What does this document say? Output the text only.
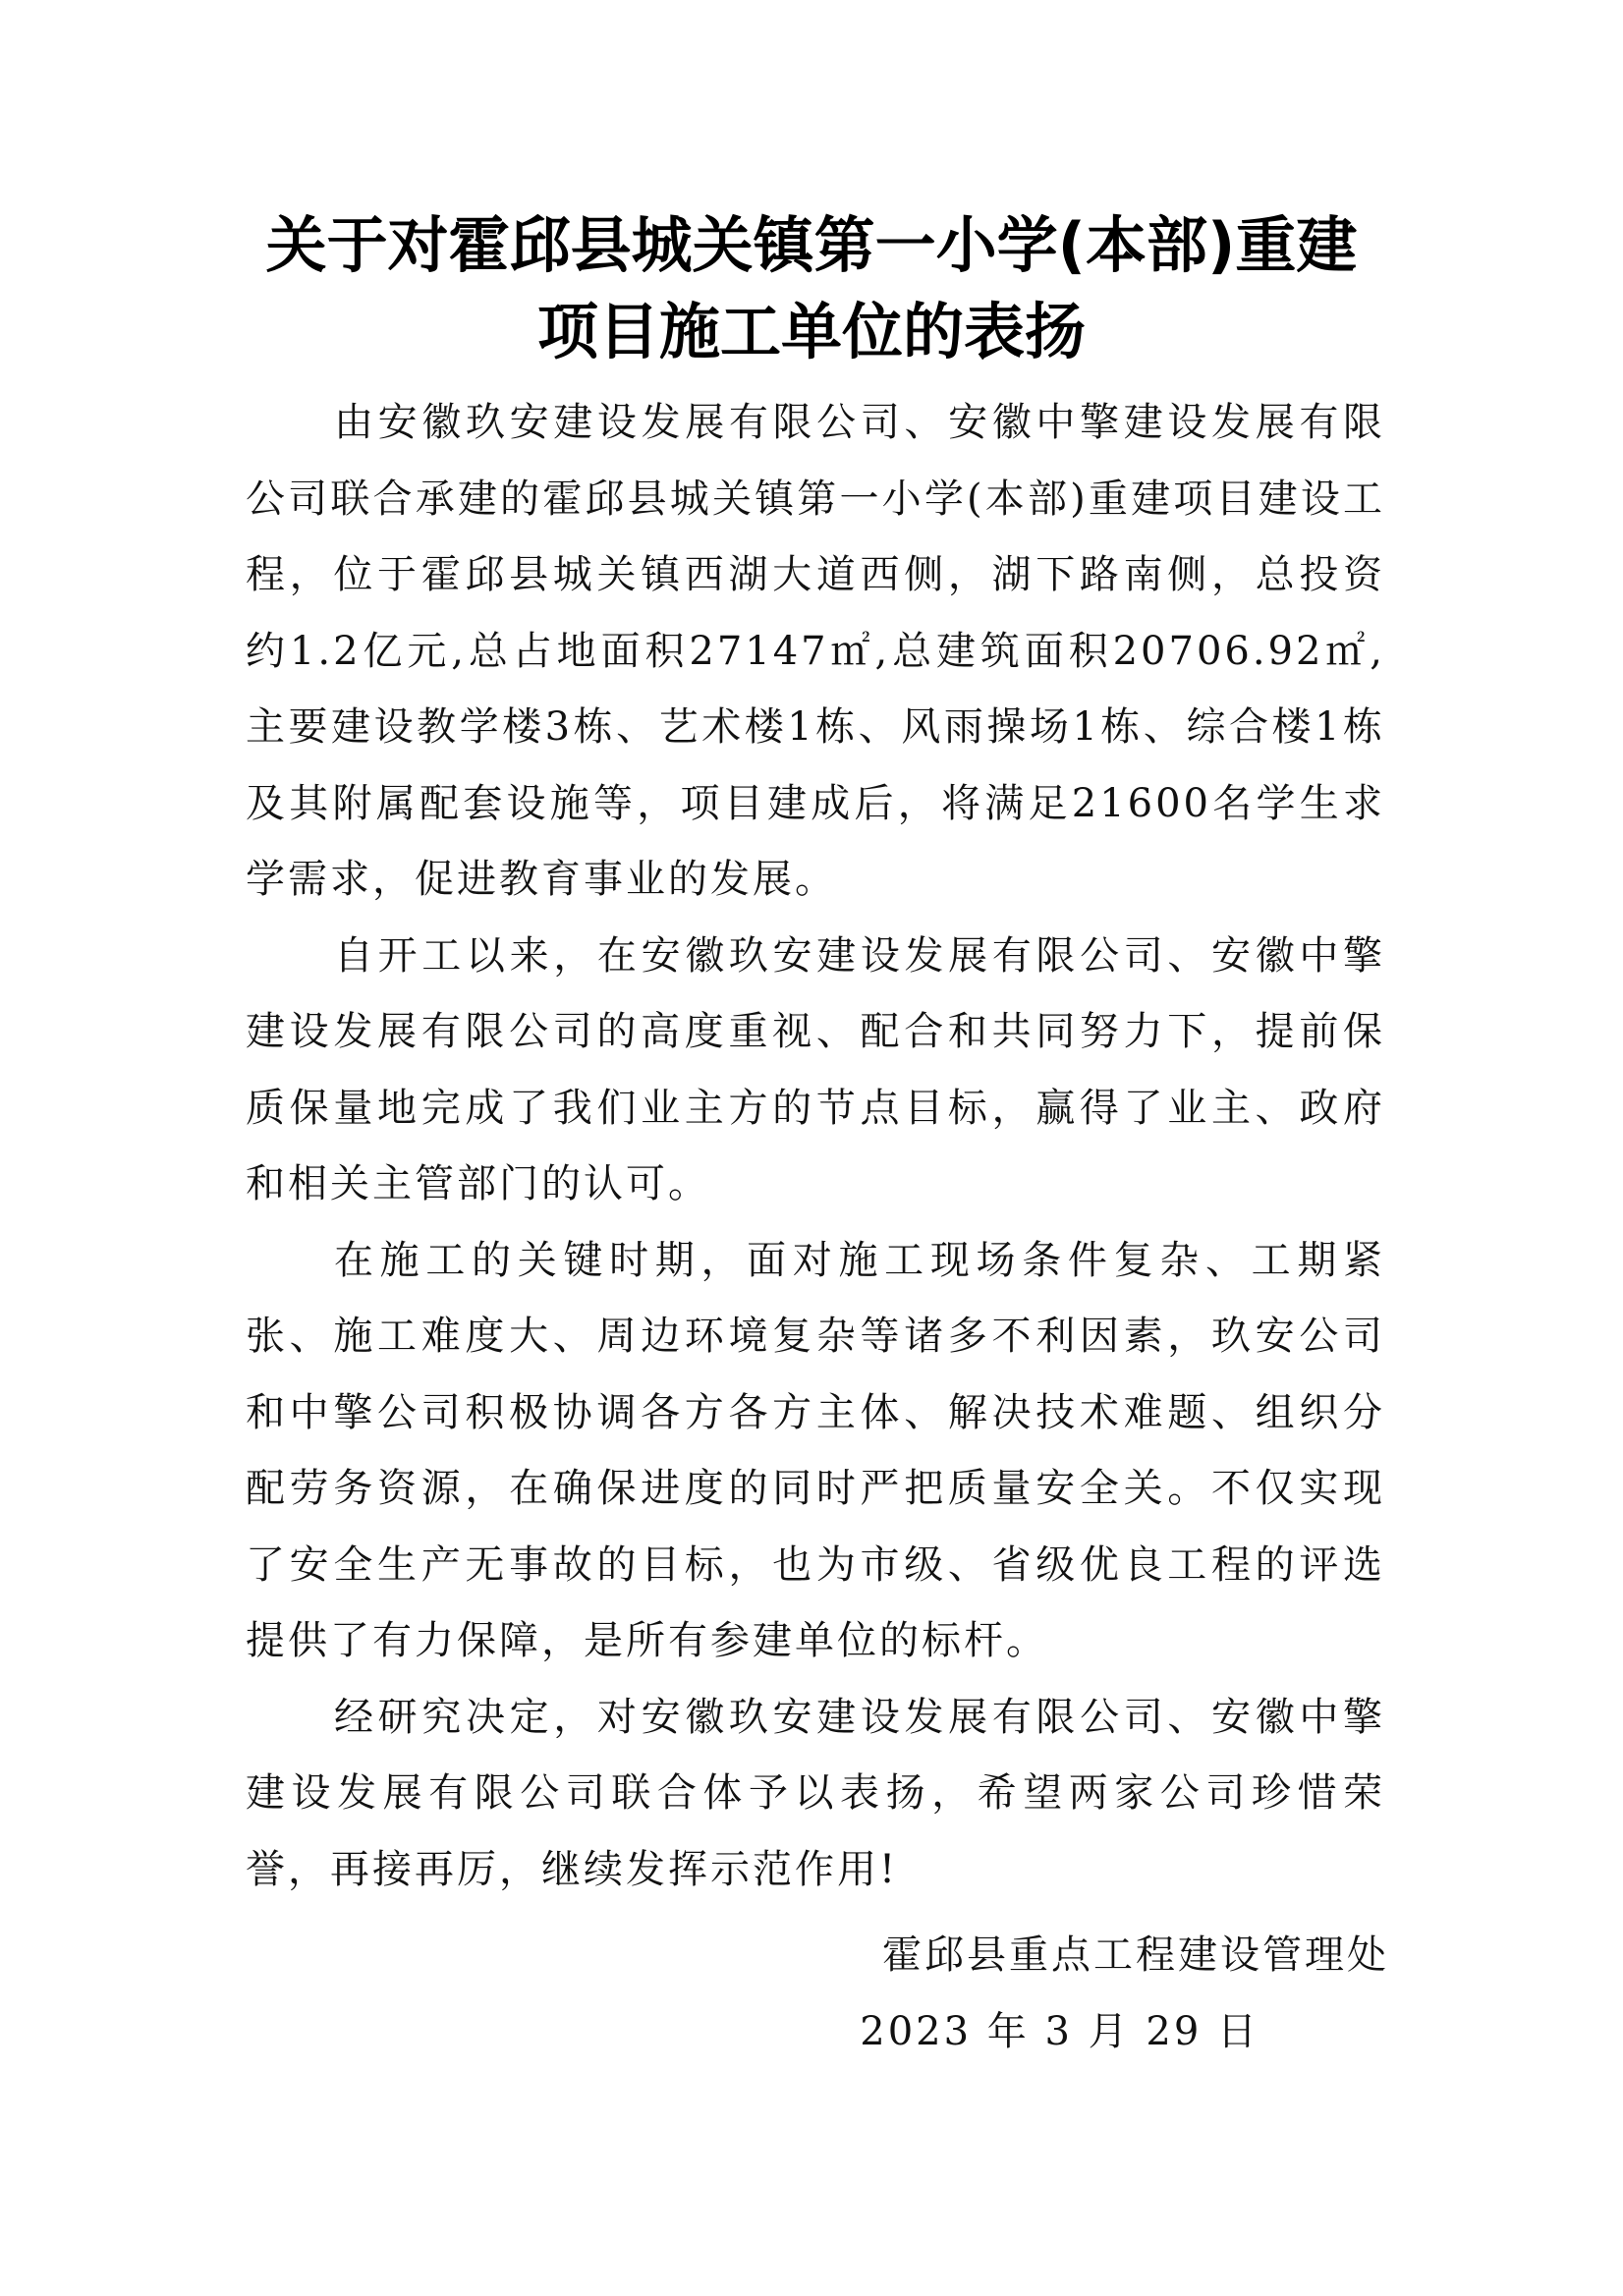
关于对霍邱县城关镇第一小学(本部)重建
项目施工单位的表扬

由安徽玖安建设发展有限公司、安徽中擎建设发展有限公司联合承建的霍邱县城关镇第一小学(本部)重建项目建设工程，位于霍邱县城关镇西湖大道西侧，湖下路南侧，总投资约1.2亿元,总占地面积27147㎡,总建筑面积20706.92㎡,主要建设教学楼3栋、艺术楼1栋、风雨操场1栋、综合楼1栋及其附属配套设施等，项目建成后，将满足21600名学生求学需求，促进教育事业的发展。

自开工以来，在安徽玖安建设发展有限公司、安徽中擎建设发展有限公司的高度重视、配合和共同努力下，提前保质保量地完成了我们业主方的节点目标，赢得了业主、政府和相关主管部门的认可。

在施工的关键时期，面对施工现场条件复杂、工期紧张、施工难度大、周边环境复杂等诸多不利因素，玖安公司和中擎公司积极协调各方各方主体、解决技术难题、组织分配劳务资源，在确保进度的同时严把质量安全关。不仅实现了安全生产无事故的目标，也为市级、省级优良工程的评选提供了有力保障，是所有参建单位的标杆。

经研究决定，对安徽玖安建设发展有限公司、安徽中擎建设发展有限公司联合体予以表扬，希望两家公司珍惜荣誉，再接再厉，继续发挥示范作用!

霍邱县重点工程建设管理处
2023 年 3 月 29 日
